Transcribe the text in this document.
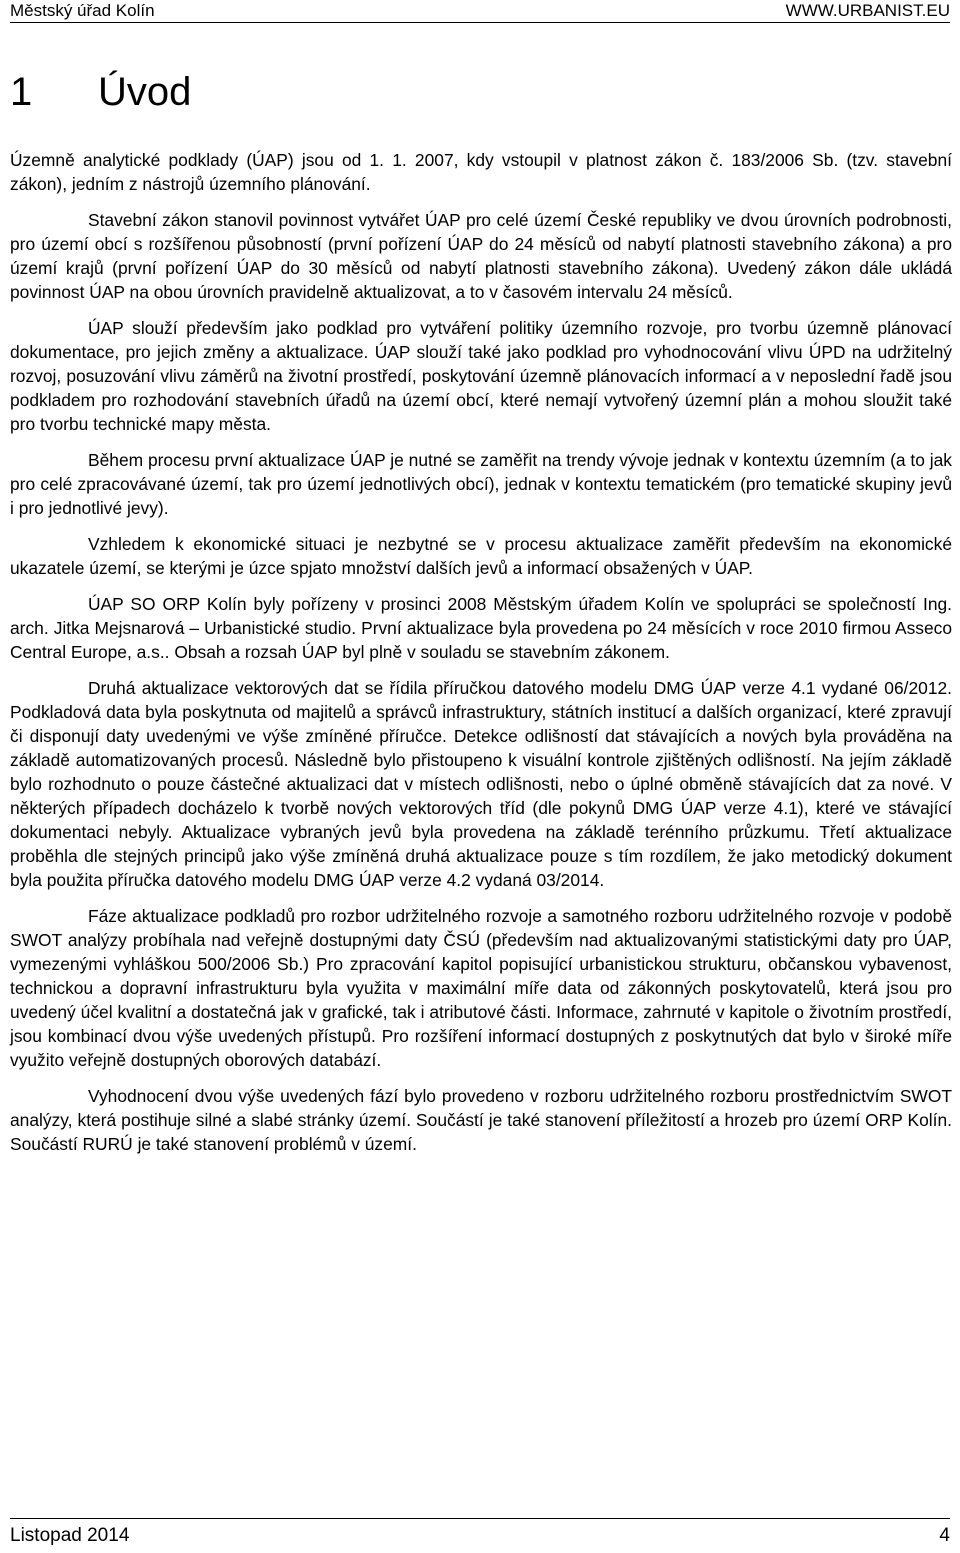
Městský úřad Kolín	WWW.URBANIST.EU
1 Úvod

Územně analytické podklady (ÚAP) jsou od 1. 1. 2007, kdy vstoupil v platnost zákon č. 183/2006 Sb. (tzv. stavební zákon), jedním z nástrojů územního plánování.

Stavební zákon stanovil povinnost vytvářet ÚAP pro celé území České republiky ve dvou úrovních podrobnosti, pro území obcí s rozšířenou působností (první pořízení ÚAP do 24 měsíců od nabytí platnosti stavebního zákona) a pro území krajů (první pořízení ÚAP do 30 měsíců od nabytí platnosti stavebního zákona). Uvedený zákon dále ukládá povinnost ÚAP na obou úrovních pravidelně aktualizovat, a to v časovém intervalu 24 měsíců.

ÚAP slouží především jako podklad pro vytváření politiky územního rozvoje, pro tvorbu územně plánovací dokumentace, pro jejich změny a aktualizace. ÚAP slouží také jako podklad pro vyhodnocování vlivu ÚPD na udržitelný rozvoj, posuzování vlivu záměrů na životní prostředí, poskytování územně plánovacích informací a v neposlední řadě jsou podkladem pro rozhodování stavebních úřadů na území obcí, které nemají vytvořený územní plán a mohou sloužit také pro tvorbu technické mapy města.

Během procesu první aktualizace ÚAP je nutné se zaměřit na trendy vývoje jednak v kontextu územním (a to jak pro celé zpracovávané území, tak pro území jednotlivých obcí), jednak v kontextu tematickém (pro tematické skupiny jevů i pro jednotlivé jevy).

Vzhledem k ekonomické situaci je nezbytné se v procesu aktualizace zaměřit především na ekonomické ukazatele území, se kterými je úzce spjato množství dalších jevů a informací obsažených v ÚAP.

ÚAP SO ORP Kolín byly pořízeny v prosinci 2008 Městským úřadem Kolín ve spolupráci se společností Ing. arch. Jitka Mejsnarová – Urbanistické studio. První aktualizace byla provedena po 24 měsících v roce 2010 firmou Asseco Central Europe, a.s.. Obsah a rozsah ÚAP byl plně v souladu se stavebním zákonem.

Druhá aktualizace vektorových dat se řídila příručkou datového modelu DMG ÚAP verze 4.1 vydané 06/2012. Podkladová data byla poskytnuta od majitelů a správců infrastruktury, státních institucí a dalších organizací, které zpravují či disponují daty uvedenými ve výše zmíněné příručce. Detekce odlišností dat stávajících a nových byla prováděna na základě automatizovaných procesů. Následně bylo přistoupeno k visuální kontrole zjištěných odlišností. Na jejím základě bylo rozhodnuto o pouze částečné aktualizaci dat v místech odlišnosti, nebo o úplné obměně stávajících dat za nové. V některých případech docházelo k tvorbě nových vektorových tříd (dle pokynů DMG ÚAP verze 4.1), které ve stávající dokumentaci nebyly. Aktualizace vybraných jevů byla provedena na základě terénního průzkumu. Třetí aktualizace proběhla dle stejných principů jako výše zmíněná druhá aktualizace pouze s tím rozdílem, že jako metodický dokument byla použita příručka datového modelu DMG ÚAP verze 4.2 vydaná 03/2014.

Fáze aktualizace podkladů pro rozbor udržitelného rozvoje a samotného rozboru udržitelného rozvoje v podobě SWOT analýzy probíhala nad veřejně dostupnými daty ČSÚ (především nad aktualizovanými statistickými daty pro ÚAP, vymezenými vyhláškou 500/2006 Sb.) Pro zpracování kapitol popisující urbanistickou strukturu, občanskou vybavenost, technickou a dopravní infrastrukturu byla využita v maximální míře data od zákonných poskytovatelů, která jsou pro uvedený účel kvalitní a dostatečná jak v grafické, tak i atributové části. Informace, zahrnuté v kapitole o životním prostředí, jsou kombinací dvou výše uvedených přístupů. Pro rozšíření informací dostupných z poskytnutých dat bylo v široké míře využito veřejně dostupných oborových databází.

Vyhodnocení dvou výše uvedených fází bylo provedeno v rozboru udržitelného rozboru prostřednictvím SWOT analýzy, která postihuje silné a slabé stránky území. Součástí je také stanovení příležitostí a hrozeb pro území ORP Kolín. Součástí RURÚ je také stanovení problémů v území.

Listopad 2014	4
